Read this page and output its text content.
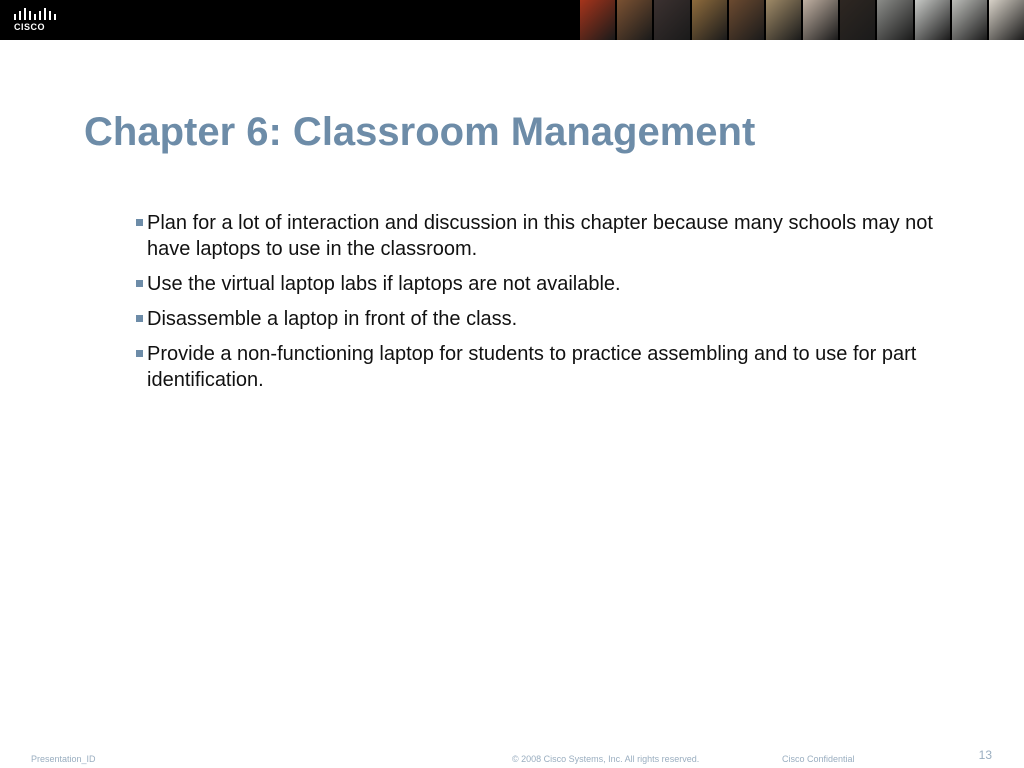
CISCO
Chapter 6: Classroom Management
Plan for a lot of interaction and discussion in this chapter because many schools may not have laptops to use in the classroom.
Use the virtual laptop labs if laptops are not available.
Disassemble a laptop in front of the class.
Provide a non-functioning laptop for students to practice assembling and to use for part identification.
Presentation_ID	© 2008 Cisco Systems, Inc. All rights reserved.	Cisco Confidential	13
